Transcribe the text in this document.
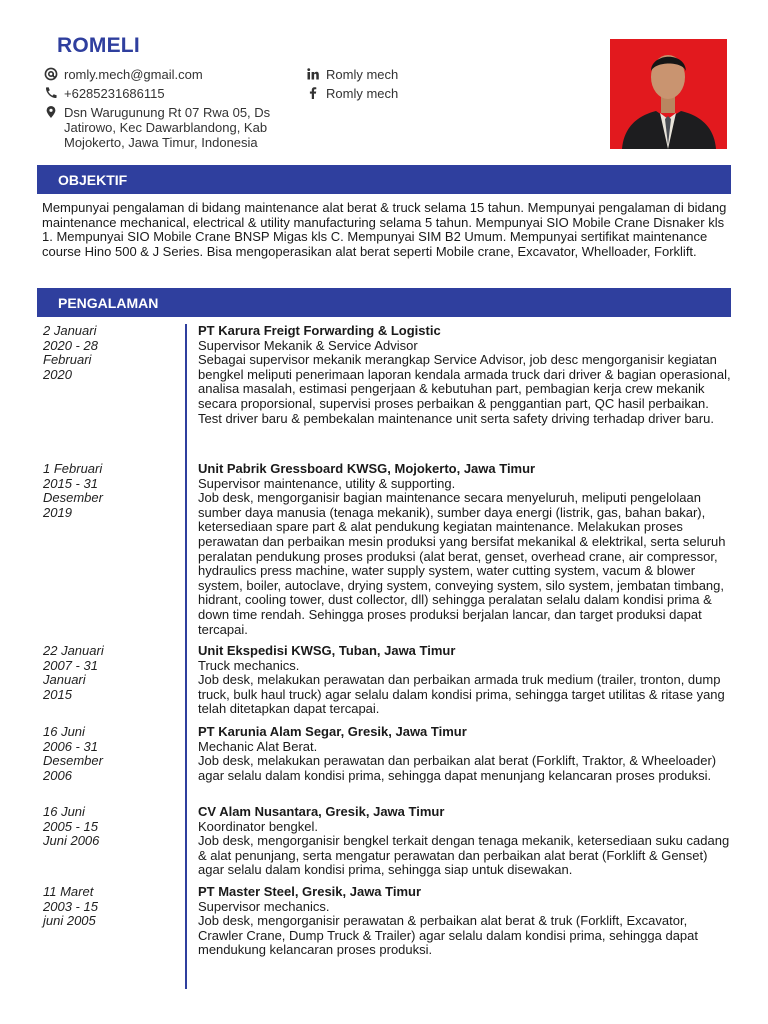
ROMELI
romly.mech@gmail.com
+6285231686115
Dsn Warugunung Rt 07 Rwa 05, Ds Jatirowo, Kec Dawarblandong, Kab Mojokerto, Jawa Timur, Indonesia
Romly mech
Romly mech
OBJEKTIF
Mempunyai pengalaman di bidang maintenance alat berat & truck selama 15 tahun. Mempunyai pengalaman di bidang maintenance mechanical, electrical & utility manufacturing selama 5 tahun. Mempunyai SIO Mobile Crane Disnaker kls 1. Mempunyai SIO Mobile Crane BNSP Migas kls C. Mempunyai SIM B2 Umum. Mempunyai sertifikat maintenance course Hino 500 & J Series. Bisa mengoperasikan alat berat seperti Mobile crane, Excavator, Whelloader, Forklift.
PENGALAMAN
2 Januari
2020 - 28
Februari
2020
PT Karura Freigt Forwarding & Logistic
Supervisor Mekanik & Service Advisor
Sebagai supervisor mekanik merangkap Service Advisor, job desc mengorganisir kegiatan bengkel meliputi penerimaan laporan kendala armada truck dari driver & bagian operasional, analisa masalah, estimasi pengerjaan & kebutuhan part, pembagian kerja crew mekanik secara proporsional, supervisi proses perbaikan & penggantian part, QC hasil perbaikan.
Test driver baru & pembekalan maintenance unit serta safety driving terhadap driver baru.
1 Februari
2015 - 31
Desember
2019
Unit Pabrik Gressboard KWSG, Mojokerto, Jawa Timur
Supervisor maintenance, utility & supporting.
Job desk, mengorganisir bagian maintenance secara menyeluruh, meliputi pengelolaan sumber daya manusia (tenaga mekanik), sumber daya energi (listrik, gas, bahan bakar), ketersediaan spare part & alat pendukung kegiatan maintenance. Melakukan proses perawatan dan perbaikan mesin produksi yang bersifat mekanikal & elektrikal, serta seluruh peralatan pendukung proses produksi (alat berat, genset, overhead crane, air compressor, hydraulics press machine, water supply system, water cutting system, vacum & blower system, boiler, autoclave, drying system, conveying system, silo system, jembatan timbang, hidrant, cooling tower, dust collector, dll) sehingga peralatan selalu dalam kondisi prima & down time rendah. Sehingga proses produksi berjalan lancar, dan target produksi dapat tercapai.
22 Januari
2007 - 31
Januari
2015
Unit Ekspedisi KWSG, Tuban, Jawa Timur
Truck mechanics.
Job desk, melakukan perawatan dan perbaikan armada truk medium (trailer, tronton, dump truck, bulk haul truck) agar selalu dalam kondisi prima, sehingga target utilitas & ritase yang telah ditetapkan dapat tercapai.
16 Juni
2006 - 31
Desember
2006
PT Karunia Alam Segar, Gresik, Jawa Timur
Mechanic Alat Berat.
Job desk, melakukan perawatan dan perbaikan alat berat (Forklift, Traktor, & Wheeloader) agar selalu dalam kondisi prima, sehingga dapat menunjang kelancaran proses produksi.
16 Juni
2005 - 15
Juni 2006
CV Alam Nusantara, Gresik, Jawa Timur
Koordinator bengkel.
Job desk, mengorganisir bengkel terkait dengan tenaga mekanik, ketersediaan suku cadang & alat penunjang, serta mengatur perawatan dan perbaikan alat berat (Forklift & Genset) agar selalu dalam kondisi prima, sehingga siap untuk disewakan.
11 Maret
2003 - 15
juni 2005
PT Master Steel, Gresik, Jawa Timur
Supervisor mechanics.
Job desk, mengorganisir perawatan & perbaikan alat berat & truk (Forklift, Excavator, Crawler Crane, Dump Truck & Trailer) agar selalu dalam kondisi prima, sehingga dapat mendukung kelancaran proses produksi.
